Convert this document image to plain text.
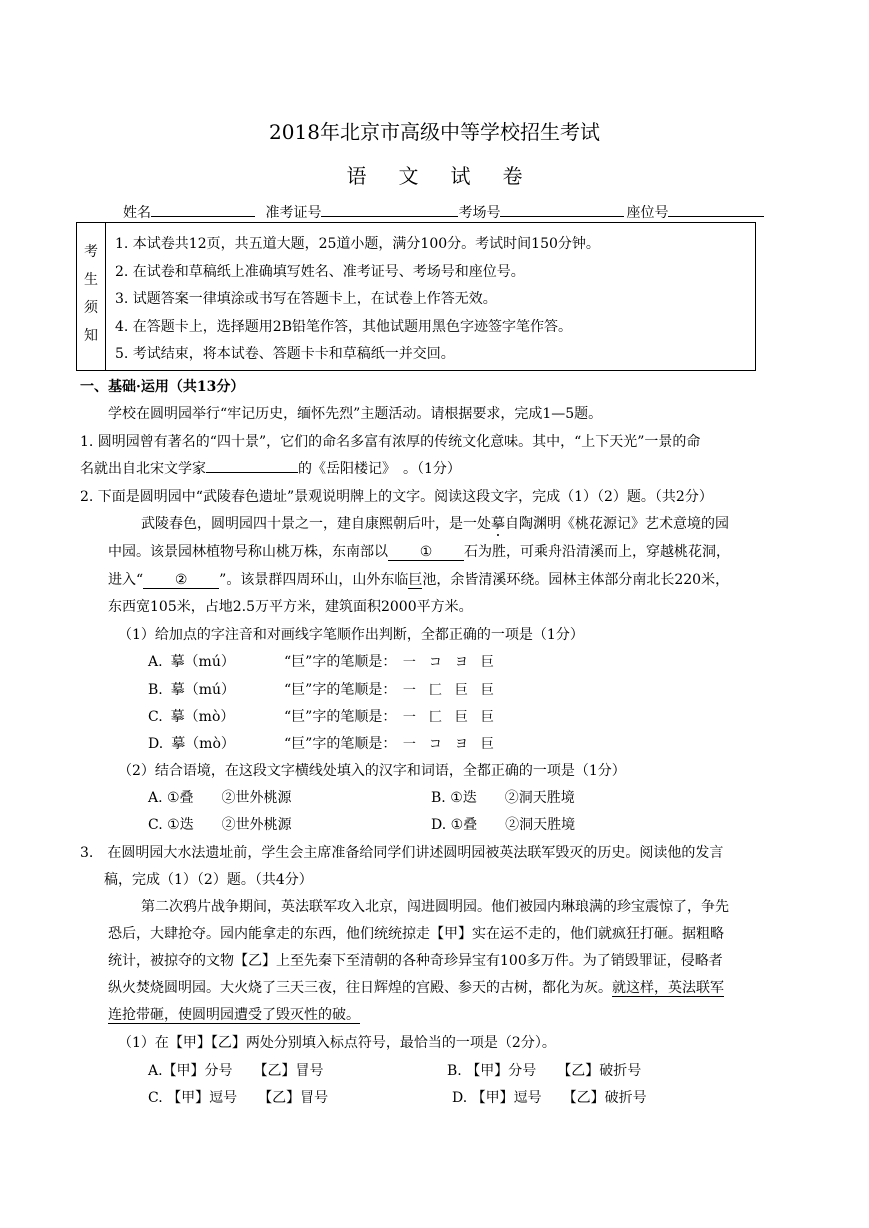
2018年北京市高级中等学校招生考试
语文试卷
姓名	准考证号	考场号	座位号
考
生
须
知
1. 本试卷共12页，共五道大题，25道小题，满分100分。考试时间150分钟。
2. 在试卷和草稿纸上准确填写姓名、准考证号、考场号和座位号。
3. 试题答案一律填涂或书写在答题卡上，在试卷上作答无效。
4. 在答题卡上，选择题用2B铅笔作答，其他试题用黑色字迹签字笔作答。
5. 考试结束，将本试卷、答题卡卡和草稿纸一并交回。
一、基础·运用（共13分）
学校在圆明园举行“牢记历史，缅怀先烈”主题活动。请根据要求，完成1—5题。
1. 圆明园曾有著名的“四十景”，它们的命名多富有浓厚的传统文化意味。其中，“上下天光”一景的命
名就出自北宋文学家	的《岳阳楼记》　。（1分）
2. 下面是圆明园中“武陵春色遗址”景观说明牌上的文字。阅读这段文字，完成（1）（2）题。（共2分）
武陵春色，圆明园四十景之一，建自康熙朝后叶，是一处摹自陶渊明《桃花源记》艺术意境的园
中园。该景园林植物号称山桃万株，东南部以 ① 石为胜，可乘舟沿清溪而上，穿越桃花洞，
进入“ ② ”。该景群四周环山，山外东临巨池，余皆清溪环绕。园林主体部分南北长220米，
东西宽105米，占地2.5万平方米，建筑面积2000平方米。
（1）给加点的字注音和对画线字笔顺作出判断，全都正确的一项是（1分）
A. 摹（mú）	“巨”字的笔顺是： 一 コ ヨ 巨
B. 摹（mú）	“巨”字的笔顺是： 一 匚 巨 巨
C. 摹（mò）	“巨”字的笔顺是： 一 匚 巨 巨
D. 摹（mò）	“巨”字的笔顺是： 一 コ ヨ 巨
（2）结合语境，在这段文字横线处填入的汉字和词语，全都正确的一项是（1分）
A. ①叠　　②世外桃源	B. ①迭　　②洞天胜境
C. ①迭　　②世外桃源	D. ①叠　　②洞天胜境
3.　在圆明园大水法遗址前，学生会主席准备给同学们讲述圆明园被英法联军毁灭的历史。阅读他的发言
稿，完成（1）（2）题。（共4分）
第二次鸦片战争期间，英法联军攻入北京，闯进圆明园。他们被园内琳琅满的珍宝震惊了，争先
恐后，大肆抢夺。园内能拿走的东西，他们统统掠走【甲】实在运不走的，他们就疯狂打砸。据粗略
统计，被掠夺的文物【乙】上至先秦下至清朝的各种奇珍异宝有100多万件。为了销毁罪证，侵略者
纵火焚烧圆明园。大火烧了三天三夜，往日辉煌的宫殿、参天的古树，都化为灰。就这样，英法联军
连抢带砸，使圆明园遭受了毁灭性的破。
（1）在【甲】【乙】两处分别填入标点符号，最恰当的一项是（2分）。
A.【甲】分号　　【乙】冒号	B. 【甲】分号　　【乙】破折号
C. 【甲】逗号　　【乙】冒号	D. 【甲】逗号　　【乙】破折号
